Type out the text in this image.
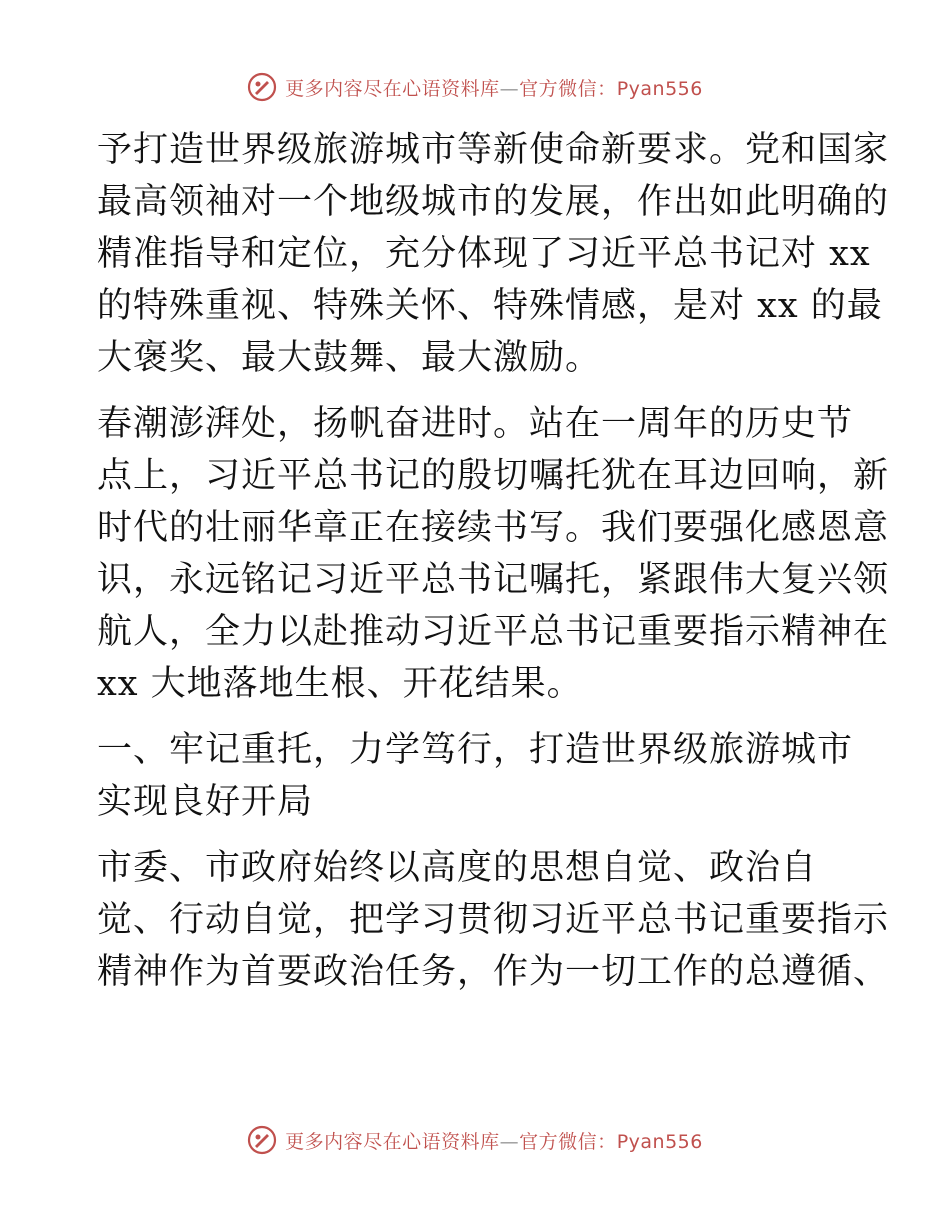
更多内容尽在心语资料库—官方微信：Pyan556
予打造世界级旅游城市等新使命新要求。党和国家
最高领袖对一个地级城市的发展，作出如此明确的
精准指导和定位，充分体现了习近平总书记对 xx
的特殊重视、特殊关怀、特殊情感，是对 xx 的最
大褒奖、最大鼓舞、最大激励。
春潮澎湃处，扬帆奋进时。站在一周年的历史节
点上，习近平总书记的殷切嘱托犹在耳边回响，新
时代的壮丽华章正在接续书写。我们要强化感恩意
识，永远铭记习近平总书记嘱托，紧跟伟大复兴领
航人，全力以赴推动习近平总书记重要指示精神在
xx 大地落地生根、开花结果。
一、牢记重托，力学笃行，打造世界级旅游城市
实现良好开局
市委、市政府始终以高度的思想自觉、政治自
觉、行动自觉，把学习贯彻习近平总书记重要指示
精神作为首要政治任务，作为一切工作的总遵循、
更多内容尽在心语资料库—官方微信：Pyan556
